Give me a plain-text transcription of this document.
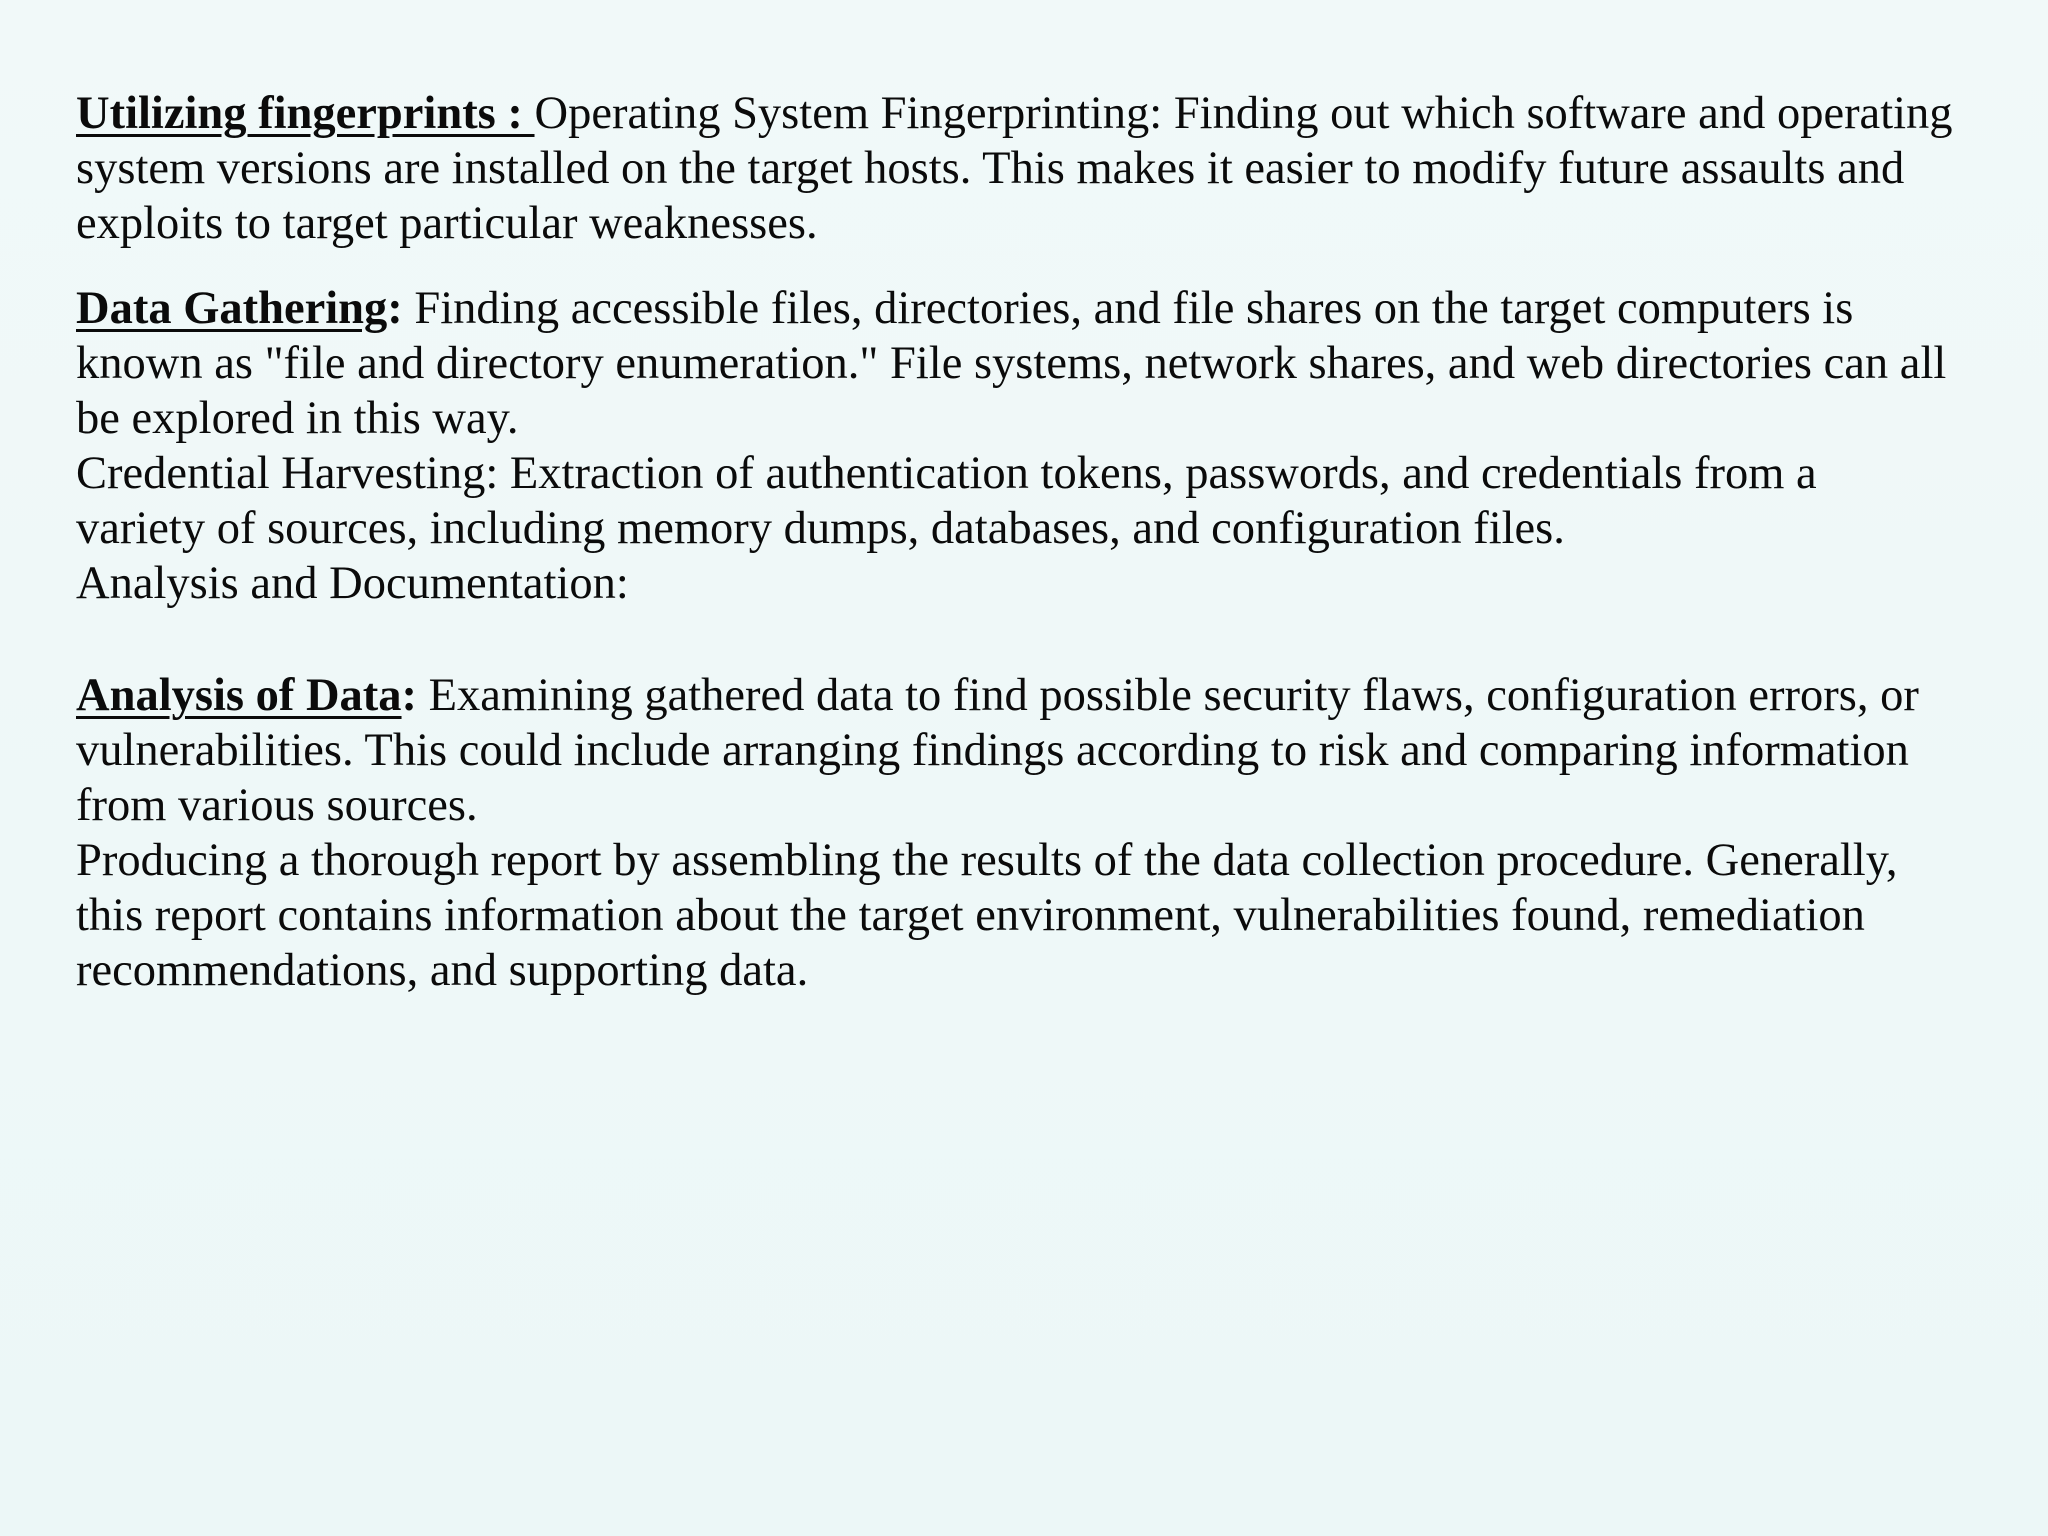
Utilizing fingerprints : Operating System Fingerprinting: Finding out which software and operating system versions are installed on the target hosts. This makes it easier to modify future assaults and exploits to target particular weaknesses.

Data Gathering: Finding accessible files, directories, and file shares on the target computers is known as "file and directory enumeration." File systems, network shares, and web directories can all be explored in this way.

Credential Harvesting: Extraction of authentication tokens, passwords, and credentials from a variety of sources, including memory dumps, databases, and configuration files.

Analysis and Documentation:

Analysis of Data: Examining gathered data to find possible security flaws, configuration errors, or vulnerabilities. This could include arranging findings according to risk and comparing information from various sources.

Producing a thorough report by assembling the results of the data collection procedure. Generally, this report contains information about the target environment, vulnerabilities found, remediation recommendations, and supporting data.
